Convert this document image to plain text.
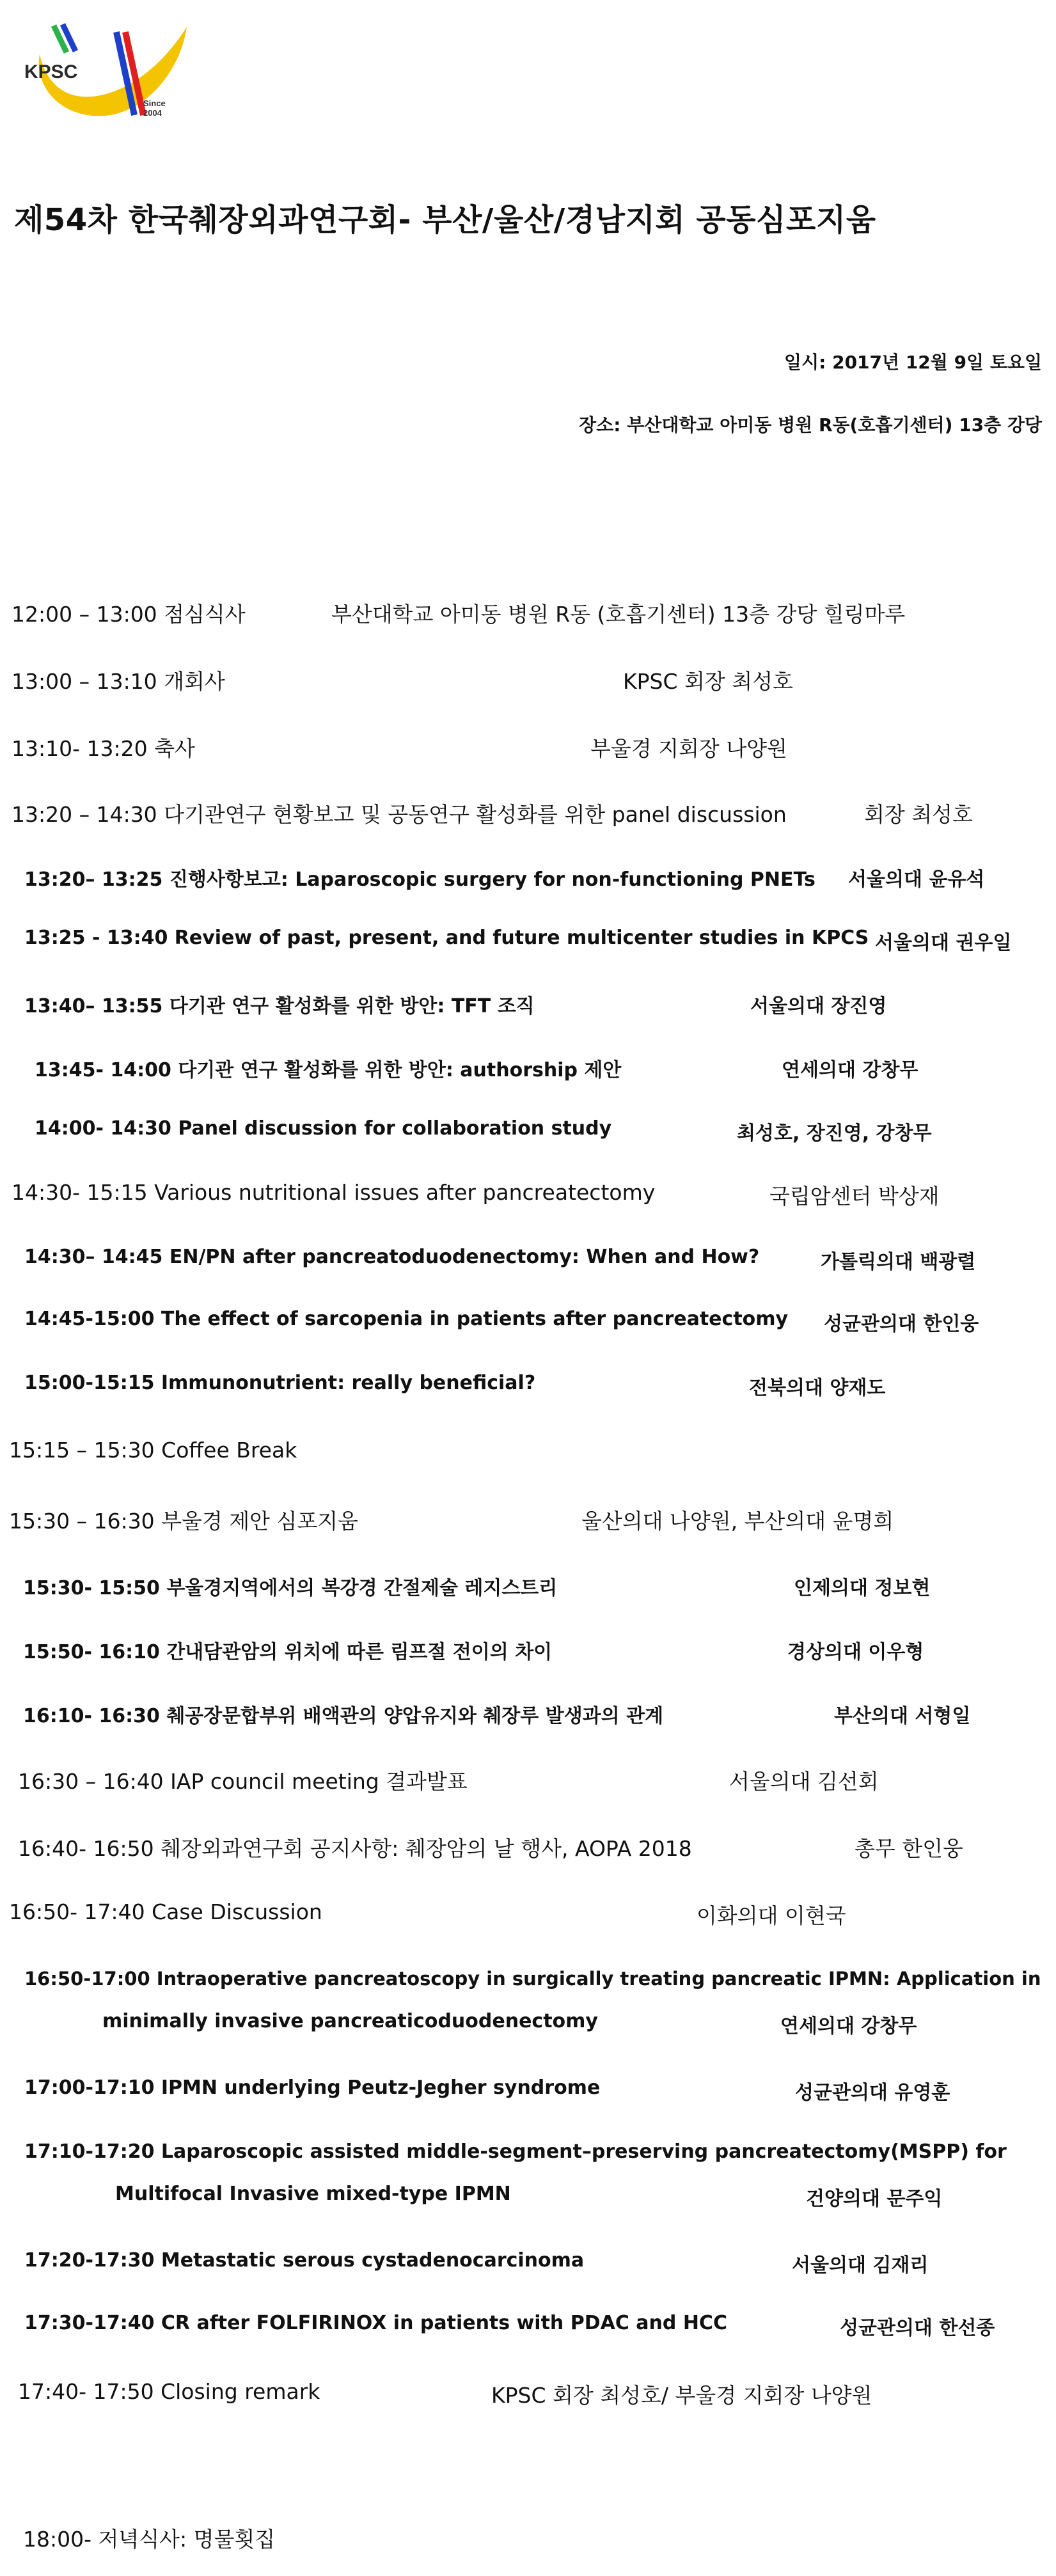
KPSC
Since
2004
제54차 한국췌장외과연구회- 부산/울산/경남지회 공동심포지움
일시: 2017년 12월 9일 토요일
장소: 부산대학교 아미동 병원 R동(호흡기센터) 13층 강당
12:00 – 13:00 점심식사	부산대학교 아미동 병원 R동 (호흡기센터) 13층 강당 힐링마루
13:00 – 13:10 개회사	KPSC 회장 최성호
13:10- 13:20 축사	부울경 지회장 나양원
13:20 – 14:30 다기관연구 현황보고 및 공동연구 활성화를 위한 panel discussion	회장 최성호
13:20– 13:25 진행사항보고: Laparoscopic surgery for non-functioning PNETs 서울의대 윤유석
13:25 - 13:40 Review of past, present, and future multicenter studies in KPCS 서울의대 권우일
13:40– 13:55 다기관 연구 활성화를 위한 방안: TFT 조직	서울의대 장진영
13:45- 14:00 다기관 연구 활성화를 위한 방안: authorship 제안	연세의대 강창무
14:00- 14:30 Panel discussion for collaboration study	최성호, 장진영, 강창무
14:30- 15:15 Various nutritional issues after pancreatectomy	국립암센터 박상재
14:30– 14:45 EN/PN after pancreatoduodenectomy: When and How?	가톨릭의대 백광렬
14:45-15:00 The effect of sarcopenia in patients after pancreatectomy 성균관의대 한인웅
15:00-15:15 Immunonutrient: really beneficial?	전북의대 양재도
15:15 – 15:30 Coffee Break
15:30 – 16:30 부울경 제안 심포지움	울산의대 나양원, 부산의대 윤명희
15:30- 15:50 부울경지역에서의 복강경 간절제술 레지스트리	인제의대 정보현
15:50- 16:10 간내담관암의 위치에 따른 림프절 전이의 차이	경상의대 이우형
16:10- 16:30 췌공장문합부위 배액관의 양압유지와 췌장루 발생과의 관계	부산의대 서형일
16:30 – 16:40 IAP council meeting 결과발표	서울의대 김선회
16:40- 16:50 췌장외과연구회 공지사항: 췌장암의 날 행사, AOPA 2018	총무 한인웅
16:50- 17:40 Case Discussion	이화의대 이현국
16:50-17:00 Intraoperative pancreatoscopy in surgically treating pancreatic IPMN: Application in
minimally invasive pancreaticoduodenectomy	연세의대 강창무
17:00-17:10 IPMN underlying Peutz-Jegher syndrome	성균관의대 유영훈
17:10-17:20 Laparoscopic assisted middle-segment–preserving pancreatectomy(MSPP) for
Multifocal Invasive mixed-type IPMN	건양의대 문주익
17:20-17:30 Metastatic serous cystadenocarcinoma	서울의대 김재리
17:30-17:40 CR after FOLFIRINOX in patients with PDAC and HCC	성균관의대 한선종
17:40- 17:50 Closing remark	KPSC 회장 최성호/ 부울경 지회장 나양원
18:00- 저녁식사: 명물횟집
